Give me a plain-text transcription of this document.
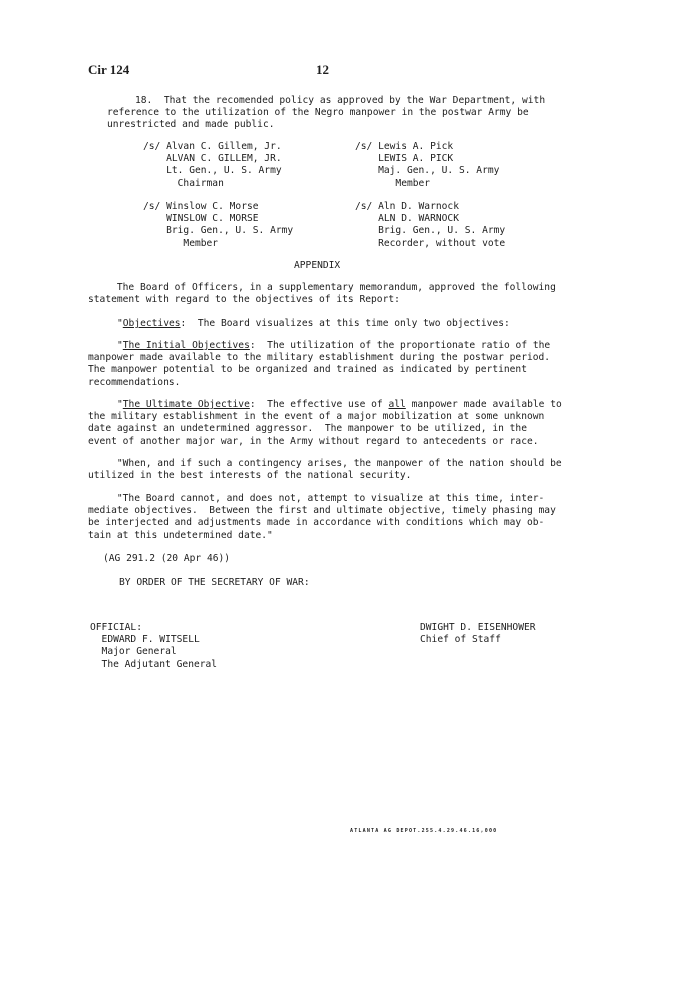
Cir 124	12
18.  That the recomended policy as approved by the War Department, with
reference to the utilization of the Negro manpower in the postwar Army be
unrestricted and made public.
/s/ Alvan C. Gillem, Jr.
ALVAN C. GILLEM, JR.
Lt. Gen., U. S. Army
Chairman
/s/ Lewis A. Pick
LEWIS A. PICK
Maj. Gen., U. S. Army
Member
/s/ Winslow C. Morse
WINSLOW C. MORSE
Brig. Gen., U. S. Army
Member
/s/ Aln D. Warnock
ALN D. WARNOCK
Brig. Gen., U. S. Army
Recorder, without vote
APPENDIX
The Board of Officers, in a supplementary memorandum, approved the following
statement with regard to the objectives of its Report:
"Objectives:  The Board visualizes at this time only two objectives:
"The Initial Objectives:  The utilization of the proportionate ratio of the
manpower made available to the military establishment during the postwar period.
The manpower potential to be organized and trained as indicated by pertinent
recommendations.
"The Ultimate Objective:  The effective use of all manpower made available to
the military establishment in the event of a major mobilization at some unknown
date against an undetermined aggressor.  The manpower to be utilized, in the
event of another major war, in the Army without regard to antecedents or race.
"When, and if such a contingency arises, the manpower of the nation should be
utilized in the best interests of the national security.
"The Board cannot, and does not, attempt to visualize at this time, inter-
mediate objectives.  Between the first and ultimate objective, timely phasing may
be interjected and adjustments made in accordance with conditions which may ob-
tain at this undetermined date."
(AG 291.2 (20 Apr 46))
BY ORDER OF THE SECRETARY OF WAR:
OFFICIAL:
EDWARD F. WITSELL
Major General
The Adjutant General
DWIGHT D. EISENHOWER
Chief of Staff
ATLANTA AG DEPOT.255.4.29.46.16,000
